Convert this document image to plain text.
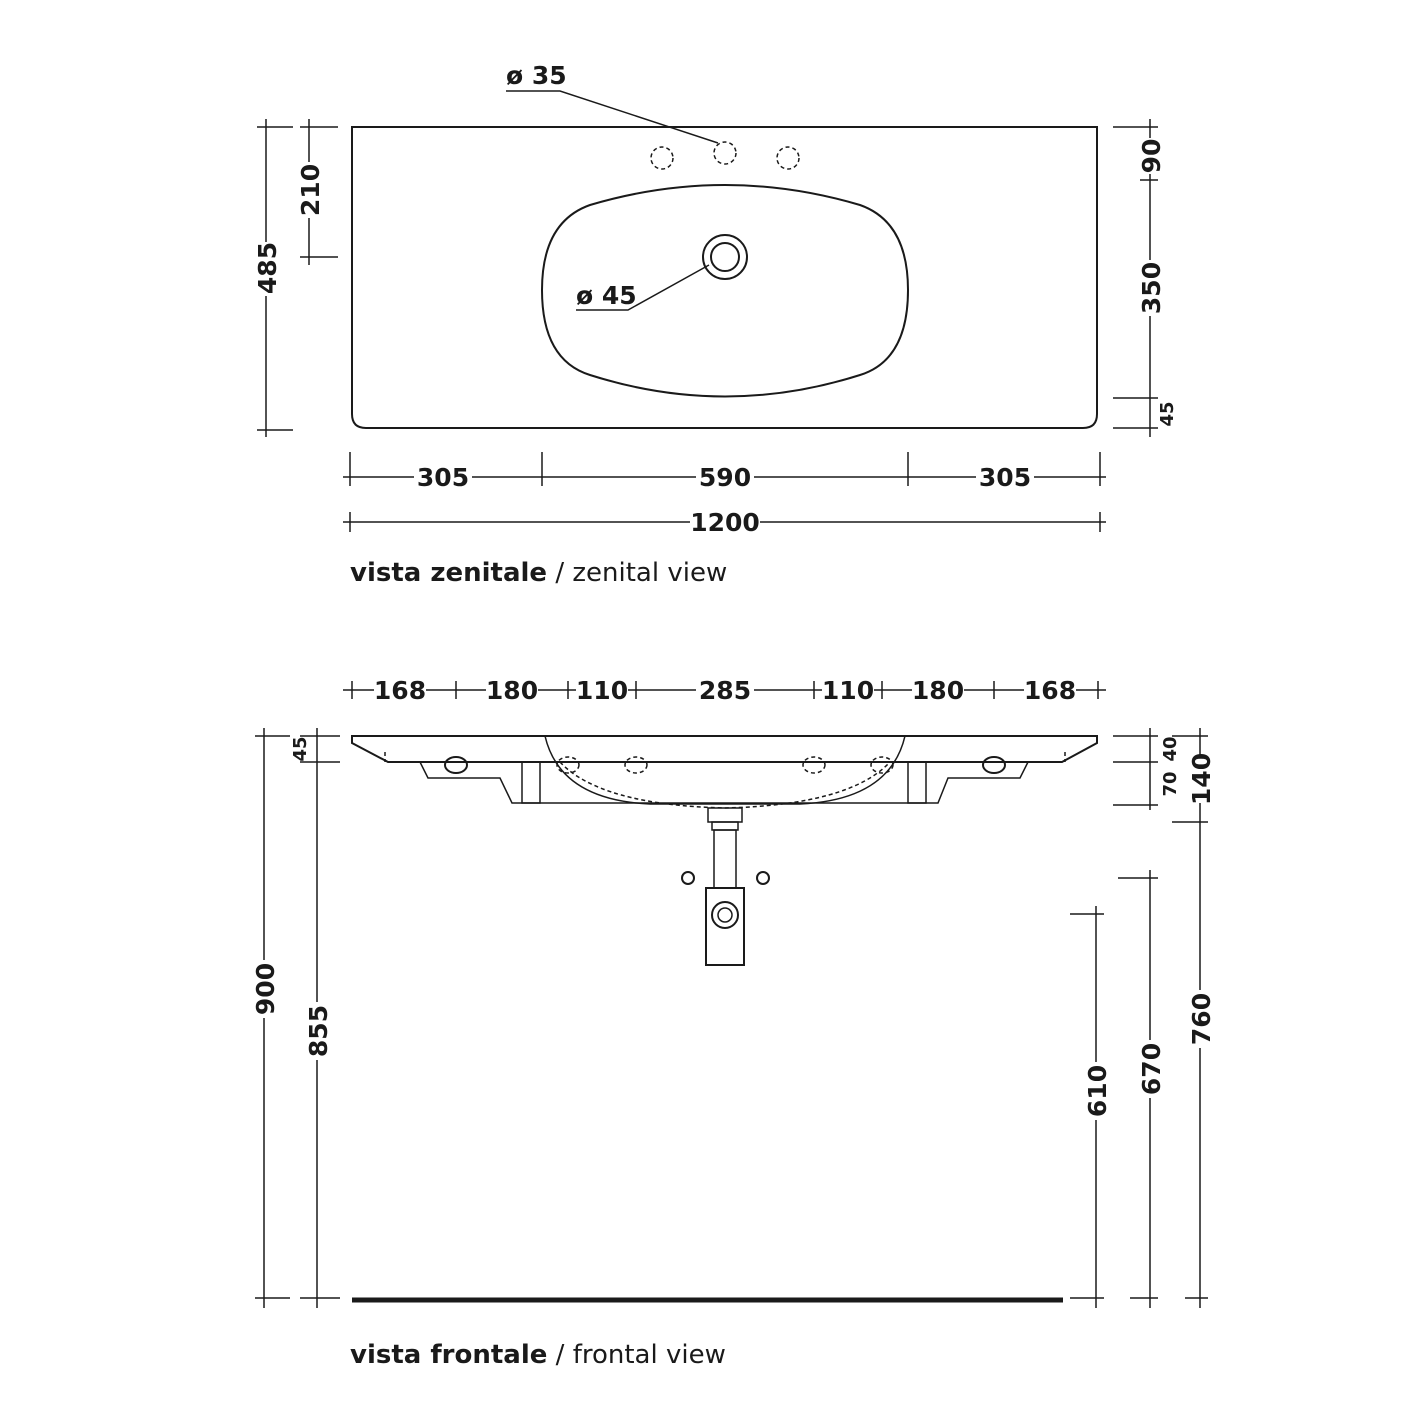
ø 35
ø 45
485
210
90
350
45
305	590	305
1200
168 180 110	285	110 180 168
45
900
855
40
70 140
760
670
610
vista zenitale / zenital view
vista frontale / frontal view
